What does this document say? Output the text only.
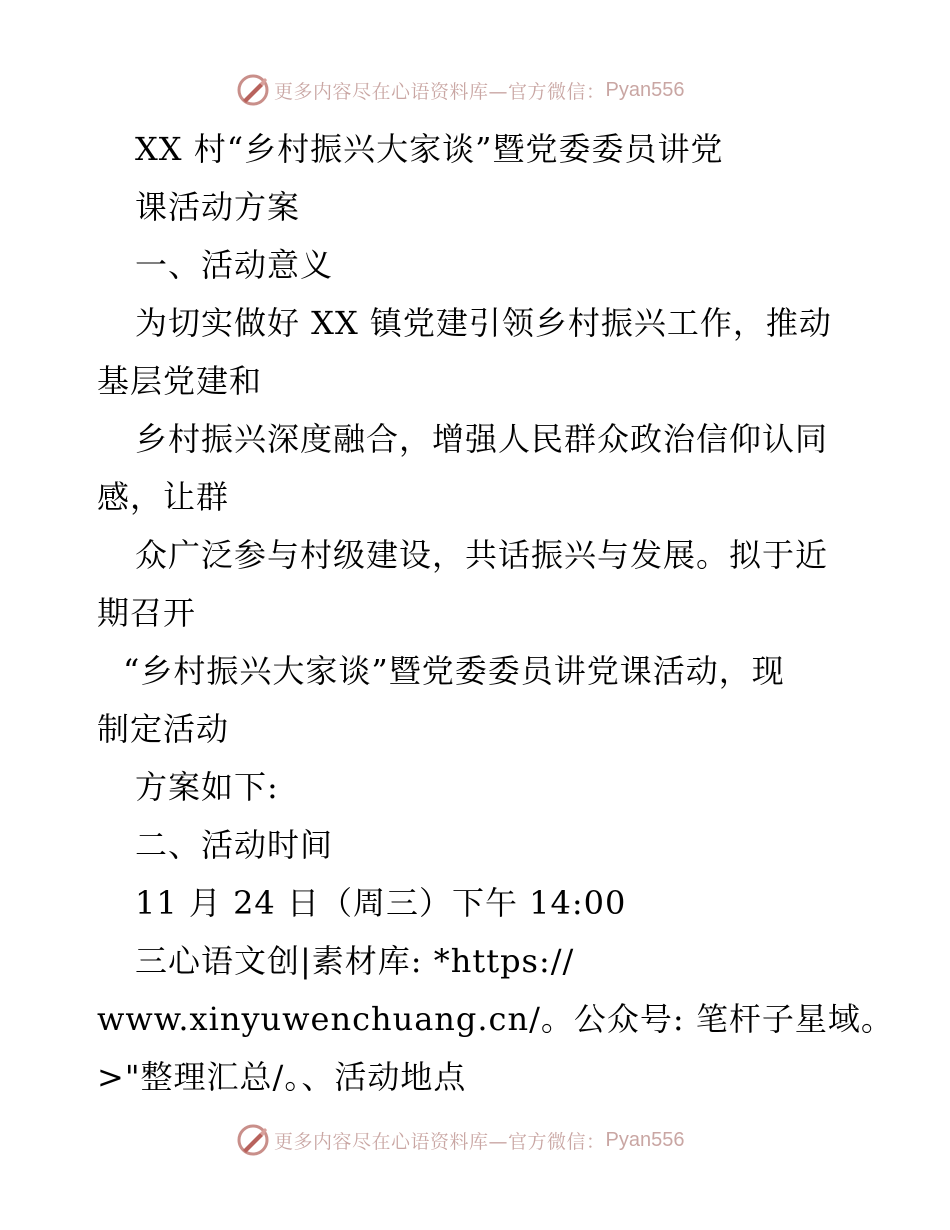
更多内容尽在心语资料库—官方微信： Pyan556
XX 村“乡村振兴大家谈”暨党委委员讲党
课活动方案
一、活动意义
为切实做好 XX 镇党建引领乡村振兴工作，推动
基层党建和
乡村振兴深度融合，增强人民群众政治信仰认同
感，让群
众广泛参与村级建设，共话振兴与发展。拟于近
期召开
“乡村振兴大家谈”暨党委委员讲党课活动，现
制定活动
方案如下:
二、活动时间
11 月 24 日（周三）下午 14:00
三心语文创|素材库: *https://
www.xinyuwenchuang.cn/。公众号: 笔杆子星域。
>"整理汇总/。、活动地点
更多内容尽在心语资料库—官方微信： Pyan556
